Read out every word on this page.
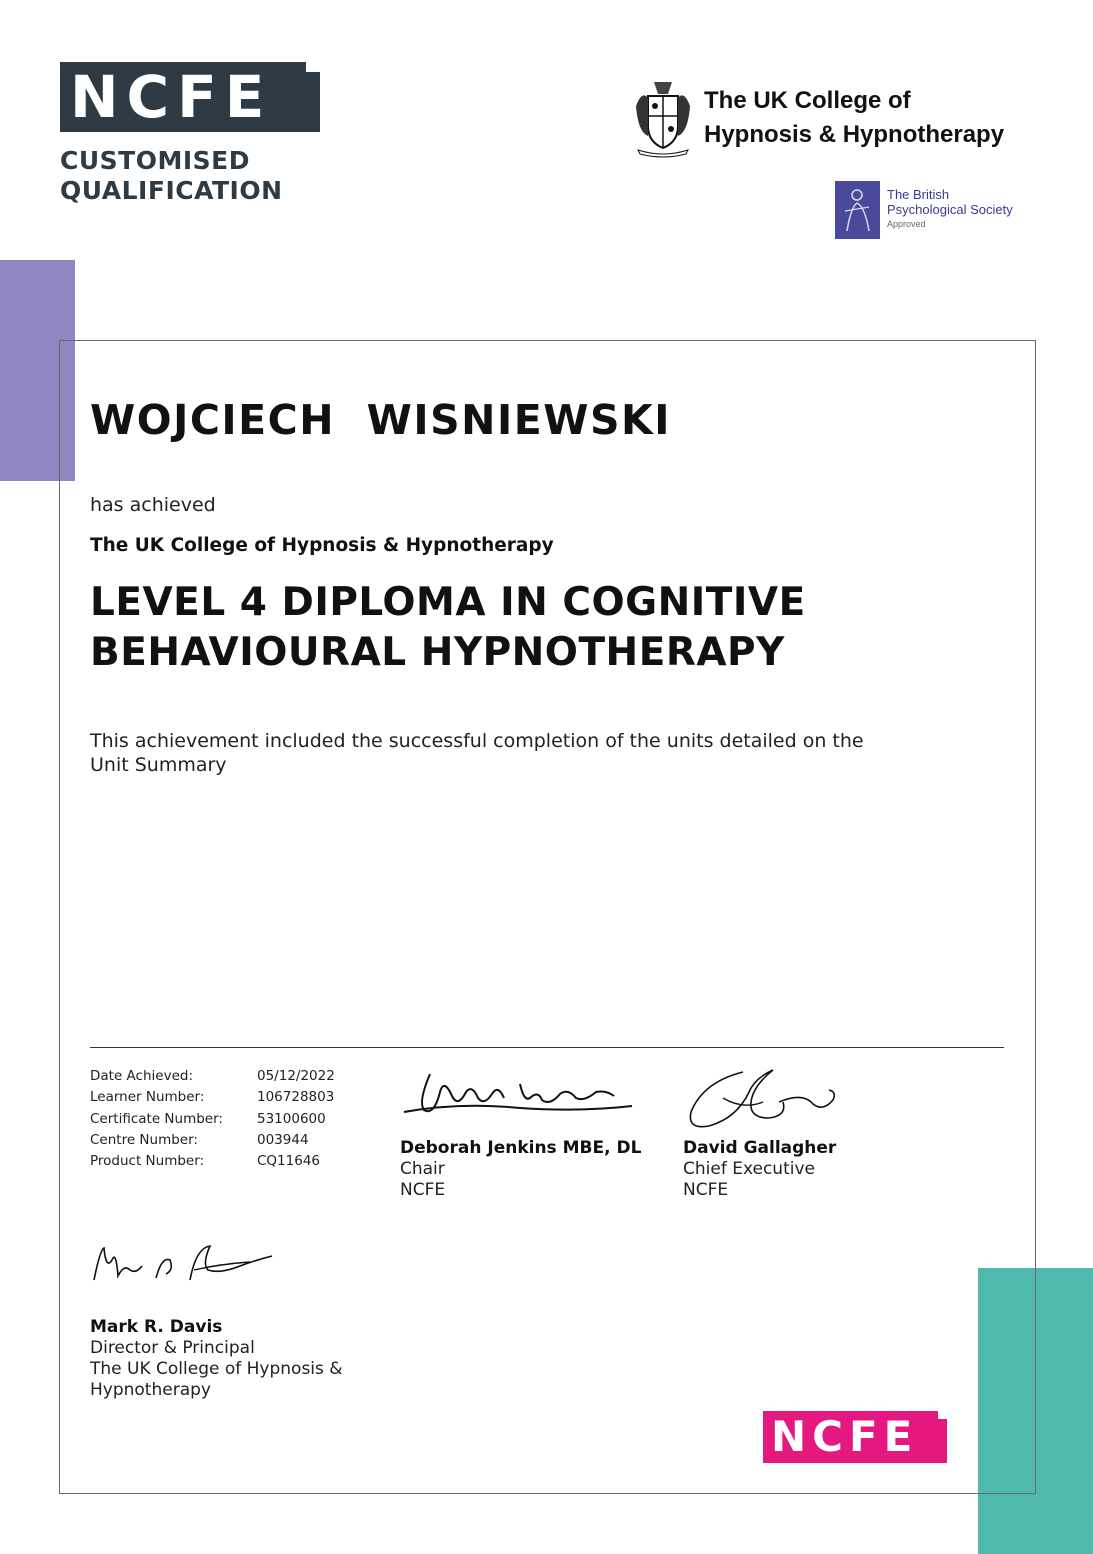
NCFE
CUSTOMISED
QUALIFICATION
The UK College of
Hypnosis & Hypnotherapy
The British
Psychological Society
Approved
WOJCIECH  WISNIEWSKI
has achieved
The UK College of Hypnosis & Hypnotherapy
LEVEL 4 DIPLOMA IN COGNITIVE
BEHAVIOURAL HYPNOTHERAPY
This achievement included the successful completion of the units detailed on the
Unit Summary
Date Achieved:	05/12/2022
Learner Number:	106728803
Certificate Number:	53100600
Centre Number:	003944
Product Number:	CQ11646
Deborah Jenkins MBE, DL
Chair
NCFE
David Gallagher
Chief Executive
NCFE
Mark R. Davis
Director & Principal
The UK College of Hypnosis &
Hypnotherapy
NCFE
